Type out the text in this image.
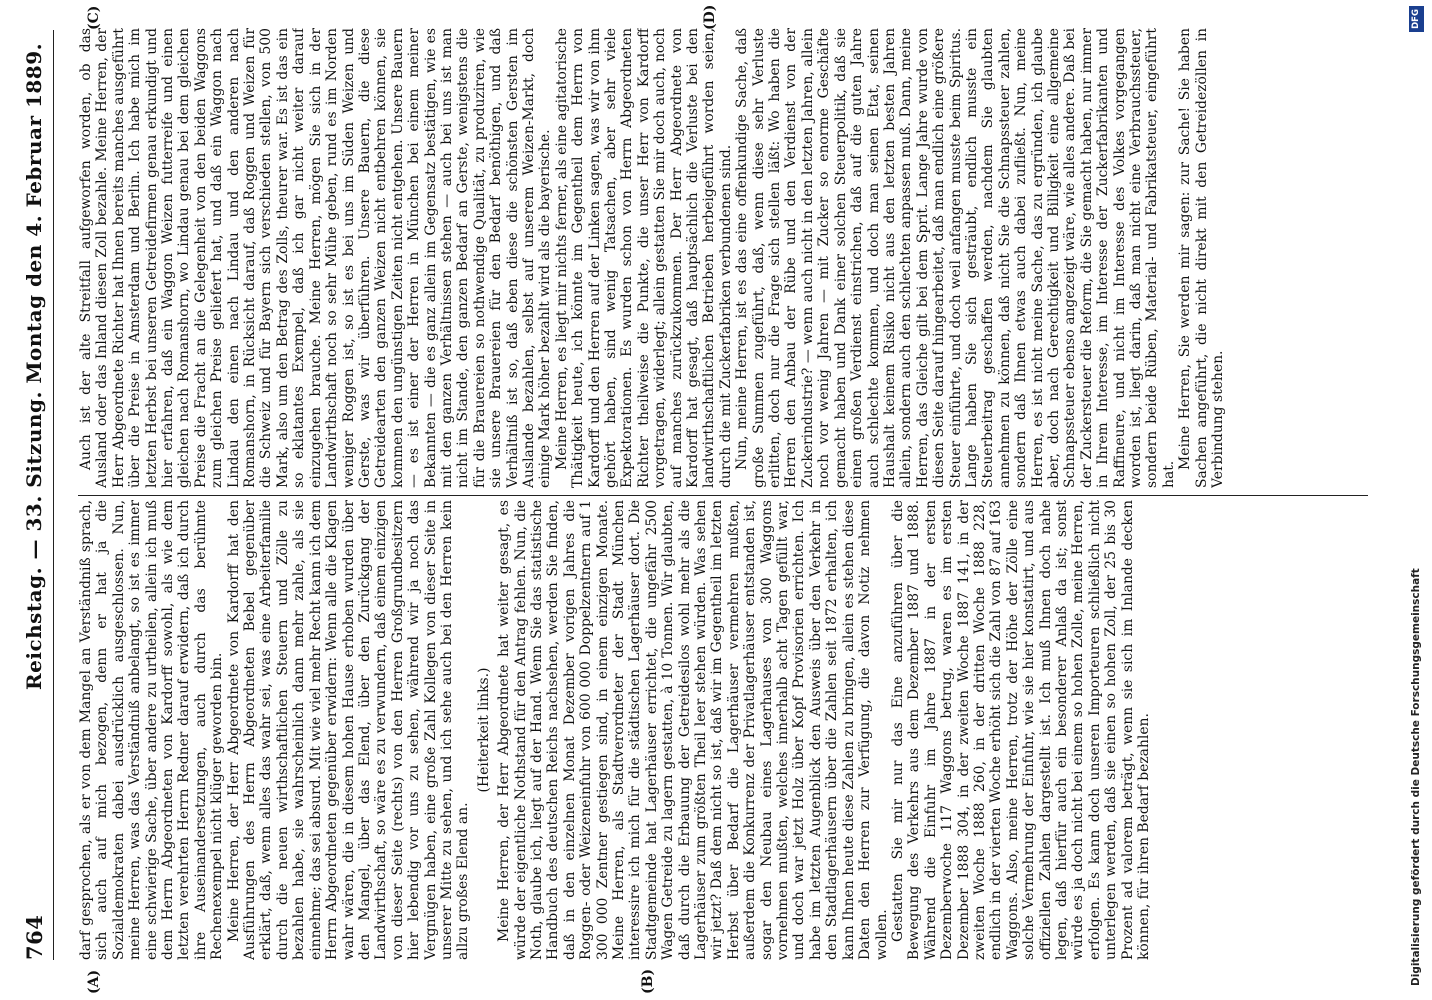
764
Reichstag. — 33. Sitzung. Montag den 4. Februar 1889.
(A)	(B)
(C)	(D)

darf gesprochen, als er von dem Mangel an Verständniß sprach, sich auch auf mich bezogen, denn er hat ja die Sozialdemokraten dabei ausdrücklich ausgeschlossen. Nun, meine Herren, was das Verständniß anbelangt, so ist es immer eine schwierige Sache, über andere zu urtheilen, allein ich muß dem Herrn Abgeordneten von Kardorff sowohl, als wie dem letzten verehrten Herrn Redner darauf erwidern, daß ich durch ihre Auseinandersetzungen, auch durch das berühmte Rechenexempel nicht klüger geworden bin. Meine Herren, der Herr Abgeordnete von Kardorff hat den Ausführungen des Herrn Abgeordneten Bebel gegenüber erklärt, daß, wenn alles das wahr sei, was eine Arbeiterfamilie durch die neuen wirthschaftlichen Steuern und Zölle zu bezahlen habe, sie wahrscheinlich dann mehr zahle, als sie einnehme; das sei absurd. Mit wie viel mehr Recht kann ich dem Herrn Abgeordneten gegenüber erwidern: Wenn alle die Klagen wahr wären, die in diesem hohen Hause erhoben wurden über den Mangel, über das Elend, über den Zurückgang der Landwirthschaft, so wäre es zu verwundern, daß einem einzigen von dieser Seite (rechts) von den Herren Großgrundbesitzern hier lebendig vor uns zu sehen, während wir ja noch das Vergnügen haben, eine große Zahl Kollegen von dieser Seite in unserer Mitte zu sehen, und ich sehe auch bei den Herren kein allzu großes Elend an.

(Heiterkeit links.) Meine Herren, der Herr Abgeordnete hat weiter gesagt, es würde der eigentliche Nothstand für den Antrag fehlen. Nun, die Noth, glaube ich, liegt auf der Hand. Wenn Sie das statistische Handbuch des deutschen Reichs nachsehen, werden Sie finden, daß in den einzelnen Monat Dezember vorigen Jahres die Roggen- oder Weizeneinfuhr von 600 000 Doppelzentnern auf 1 300 000 Zentner gestiegen sind, in einem einzigen Monate. Meine Herren, als Stadtverordneter der Stadt München interessire ich mich für die städtischen Lagerhäuser dort. Die Stadtgemeinde hat Lagerhäuser errichtet, die ungefähr 2500 Wagen Getreide zu lagern gestatten, à 10 Tonnen. Wir glaubten, daß durch die Erbauung der Getreidesilos wohl mehr als die Lagerhäuser zum größten Theil leer stehen würden. Was sehen wir jetzt? Daß dem nicht so ist, daß wir im Gegentheil im letzten Herbst über Bedarf die Lagerhäuser vermehren mußten, außerdem die Konkurrenz der Privatlagerhäuser entstanden ist, sogar den Neubau eines Lagerhauses von 300 Waggons vornehmen mußten, welches innerhalb acht Tagen gefüllt war, und doch war jetzt Holz über Kopf Provisorien errichten. Ich habe im letzten Augenblick den Ausweis über den Verkehr in den Stadtlagerhäusern über die Zahlen seit 1872 erhalten, ich kann Ihnen heute diese Zahlen zu bringen, allein es stehen diese Daten den Herren zur Verfügung, die davon Notiz nehmen wollen. Gestatten Sie mir nur das Eine anzuführen über die Bewegung des Verkehrs aus dem Dezember 1887 und 1888. Während die Einfuhr im Jahre 1887 in der ersten Dezemberwoche 117 Waggons betrug, waren es im ersten Dezember 1888 304, in der zweiten Woche 1887 141, in der zweiten Woche 1888 260, in der dritten Woche 1888 228, endlich in der vierten Woche erhöht sich die Zahl von 87 auf 163 Waggons. Also, meine Herren, trotz der Höhe der Zölle eine solche Vermehrung der Einfuhr, wie sie hier konstatirt, und aus offiziellen Zahlen dargestellt ist. Ich muß Ihnen doch nahe legen, daß hierfür auch ein besonderer Anlaß da ist; sonst würde es ja doch nicht bei einem so hohen Zolle, meine Herren, erfolgen. Es kann doch unseren Importeuren schließlich nicht unterlegen werden, daß sie einen so hohen Zoll, der 25 bis 30 Prozent ad valorem beträgt, wenn sie sich im Inlande decken können, für ihren Bedarf bezahlen.

Auch ist der alte Streitfall aufgeworfen worden, ob das Ausland oder das Inland diesen Zoll bezahle. Meine Herren, der Herr Abgeordnete Richter hat Ihnen bereits manches ausgeführt über die Preise in Amsterdam und Berlin. Ich habe mich im letzten Herbst bei unseren Getreidefirmen genau erkundigt und hier erfahren, daß ein Waggon Weizen futterreife und einen gleichen nach Romanshorn, wo Lindau genau bei dem gleichen Preise die Fracht an die Gelegenheit von den beiden Waggons zum gleichen Preise geliefert hat, und daß ein Waggon nach Lindau den einen nach Lindau und den anderen nach Romanshorn, in Rücksicht darauf, daß Roggen und Weizen für die Schweiz und für Bayern sich verschieden stellen, von 500 Mark, also um den Betrag des Zolls, theurer war. Es ist das ein so eklatantes Exempel, daß ich gar nicht weiter darauf einzugehen brauche. Meine Herren, mögen Sie sich in der Landwirthschaft noch so sehr Mühe geben, rund es im Norden weniger Roggen ist, so ist es bei uns im Süden Weizen und Gerste, was wir überführen. Unsere Bauern, die diese Getreidearten den ganzen Weizen nicht entbehren können, sie kommen den ungünstigen Zeiten nicht entgehen. Unsere Bauern — es ist einer der Herren in München bei einem meiner Bekannten — die es ganz allein im Gegensatz bestätigen, wie es mit den ganzen Verhältnissen stehen — auch bei uns ist man nicht im Stande, den ganzen Bedarf an Gerste, wenigstens die für die Brauereien so nothwendige Qualität, zu produziren, wie sie unsere Brauereien für den Bedarf benöthigen, und daß Verhältniß ist so, daß eben diese die schönsten Gersten im Auslande bezahlen, selbst auf unserem Weizen-Markt, doch einige Mark höher bezahlt wird als die bayerische. Meine Herren, es liegt mir nichts ferner, als eine agitatorische Thätigkeit heute, ich könnte im Gegentheil dem Herrn von Kardorff und den Herren auf der Linken sagen, was wir von ihm gehört haben, sind wenig Tatsachen, aber sehr viele Expektorationen. Es wurden schon von Herrn Abgeordneten Richter theilweise die Punkte, die unser Herr von Kardorff vorgetragen, widerlegt; allein gestatten Sie mir doch auch, noch auf manches zurückzukommen. Der Herr Abgeordnete von Kardorff hat gesagt, daß hauptsächlich die Verluste bei den landwirthschaftlichen Betrieben herbeigeführt worden seien, durch die mit Zuckerfabriken verbundenen sind. Nun, meine Herren, ist es das eine offenkundige Sache, daß große Summen zugeführt, daß, wenn diese sehr Verluste erlitten, doch nur die Frage sich stellen läßt: Wo haben die Herren den Anbau der Rübe und den Verdienst von der Zuckerindustrie? — wenn auch nicht in den letzten Jahren, allein noch vor wenig Jahren — mit Zucker so enorme Geschäfte gemacht haben und Dank einer solchen Steuerpolitik, daß sie einen großen Verdienst einstrichen, daß auf die guten Jahre auch schlechte kommen, und doch man seinen Etat, seinen Haushalt keinem Risiko nicht aus den letzten besten Jahren allein, sondern auch den schlechten anpassen muß. Dann, meine Herren, das Gleiche gilt bei dem Sprit. Lange Jahre wurde von diesen Seite darauf hingearbeitet, daß man endlich eine größere Steuer einführte, und doch weil anfangen musste beim Spiritus. Lange haben Sie sich gesträubt, endlich musste ein Steuerbeitrag geschaffen werden, nachdem Sie glaubten annehmen zu können, daß nicht Sie die Schnapssteuer zahlen, sondern daß Ihnen etwas auch dabei zufließt. Nun, meine Herren, es ist nicht meine Sache, das zu ergründen, ich glaube aber, doch nach Gerechtigkeit und Billigkeit eine allgemeine Schnapssteuer ebenso angezeigt wäre, wie alles andere. Daß bei der Zuckersteuer die Reform, die Sie gemacht haben, nur immer in Ihrem Interesse, im Interesse der Zuckerfabrikanten und Raffineure, und nicht im Interesse des Volkes vorgegangen worden ist, liegt darin, daß man nicht eine Verbrauchssteuer, sondern beide Rüben, Material- und Fabrikatsteuer, eingeführt hat.

Meine Herren, Sie werden mir sagen: zur Sache! Sie haben Sachen angeführt, die nicht direkt mit den Getreidezöllen in Verbindung stehen.

Digitalisierung gefördert durch die Deutsche Forschungsgemeinschaft
DFG
